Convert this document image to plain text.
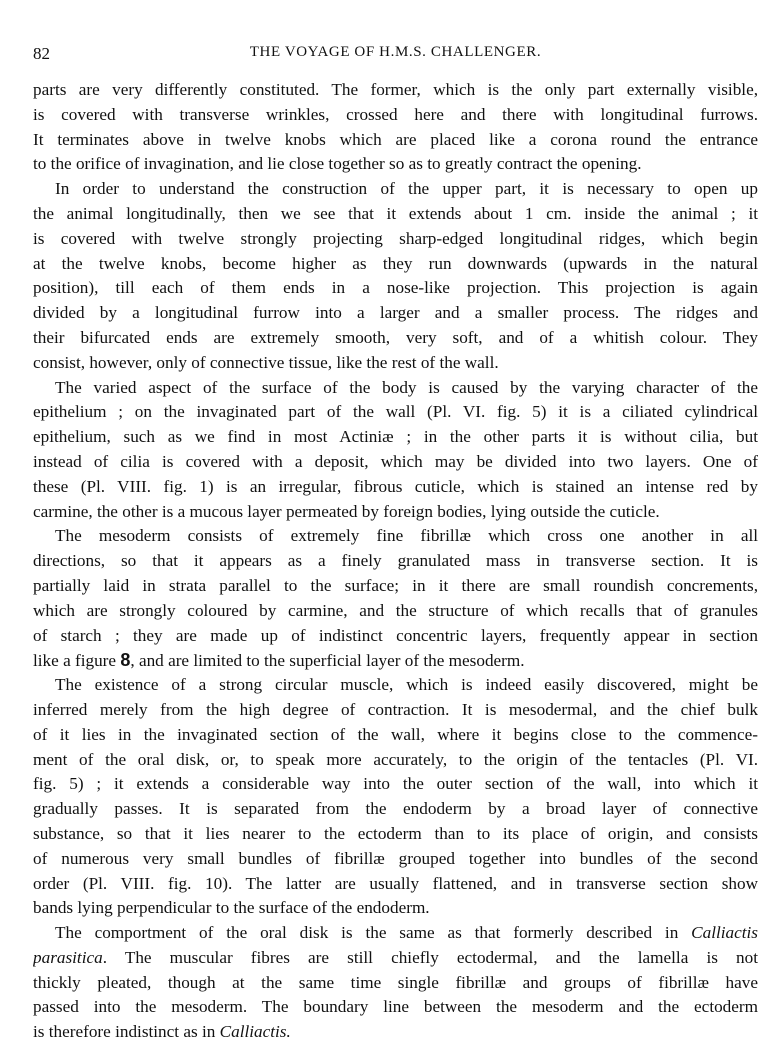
82	THE VOYAGE OF H.M.S. CHALLENGER.
parts are very differently constituted. The former, which is the only part externally visible,
is covered with transverse wrinkles, crossed here and there with longitudinal furrows.
It terminates above in twelve knobs which are placed like a corona round the entrance
to the orifice of invagination, and lie close together so as to greatly contract the opening.
In order to understand the construction of the upper part, it is necessary to open up
the animal longitudinally, then we see that it extends about 1 cm. inside the animal ; it
is covered with twelve strongly projecting sharp-edged longitudinal ridges, which begin
at the twelve knobs, become higher as they run downwards (upwards in the natural
position), till each of them ends in a nose-like projection. This projection is again
divided by a longitudinal furrow into a larger and a smaller process. The ridges and
their bifurcated ends are extremely smooth, very soft, and of a whitish colour. They
consist, however, only of connective tissue, like the rest of the wall.
The varied aspect of the surface of the body is caused by the varying character of the
epithelium ; on the invaginated part of the wall (Pl. VI. fig. 5) it is a ciliated cylindrical
epithelium, such as we find in most Actiniæ ; in the other parts it is without cilia, but
instead of cilia is covered with a deposit, which may be divided into two layers. One of
these (Pl. VIII. fig. 1) is an irregular, fibrous cuticle, which is stained an intense red by
carmine, the other is a mucous layer permeated by foreign bodies, lying outside the cuticle.
The mesoderm consists of extremely fine fibrillæ which cross one another in all
directions, so that it appears as a finely granulated mass in transverse section. It is
partially laid in strata parallel to the surface; in it there are small roundish concrements,
which are strongly coloured by carmine, and the structure of which recalls that of granules
of starch ; they are made up of indistinct concentric layers, frequently appear in section
like a figure 8, and are limited to the superficial layer of the mesoderm.
The existence of a strong circular muscle, which is indeed easily discovered, might be
inferred merely from the high degree of contraction. It is mesodermal, and the chief bulk
of it lies in the invaginated section of the wall, where it begins close to the commence-
ment of the oral disk, or, to speak more accurately, to the origin of the tentacles (Pl. VI.
fig. 5) ; it extends a considerable way into the outer section of the wall, into which it
gradually passes. It is separated from the endoderm by a broad layer of connective
substance, so that it lies nearer to the ectoderm than to its place of origin, and consists
of numerous very small bundles of fibrillæ grouped together into bundles of the second
order (Pl. VIII. fig. 10). The latter are usually flattened, and in transverse section show
bands lying perpendicular to the surface of the endoderm.
The comportment of the oral disk is the same as that formerly described in Calliactis
parasitica. The muscular fibres are still chiefly ectodermal, and the lamella is not
thickly pleated, though at the same time single fibrillæ and groups of fibrillæ have
passed into the mesoderm. The boundary line between the mesoderm and the ectoderm
is therefore indistinct as in Calliactis.
